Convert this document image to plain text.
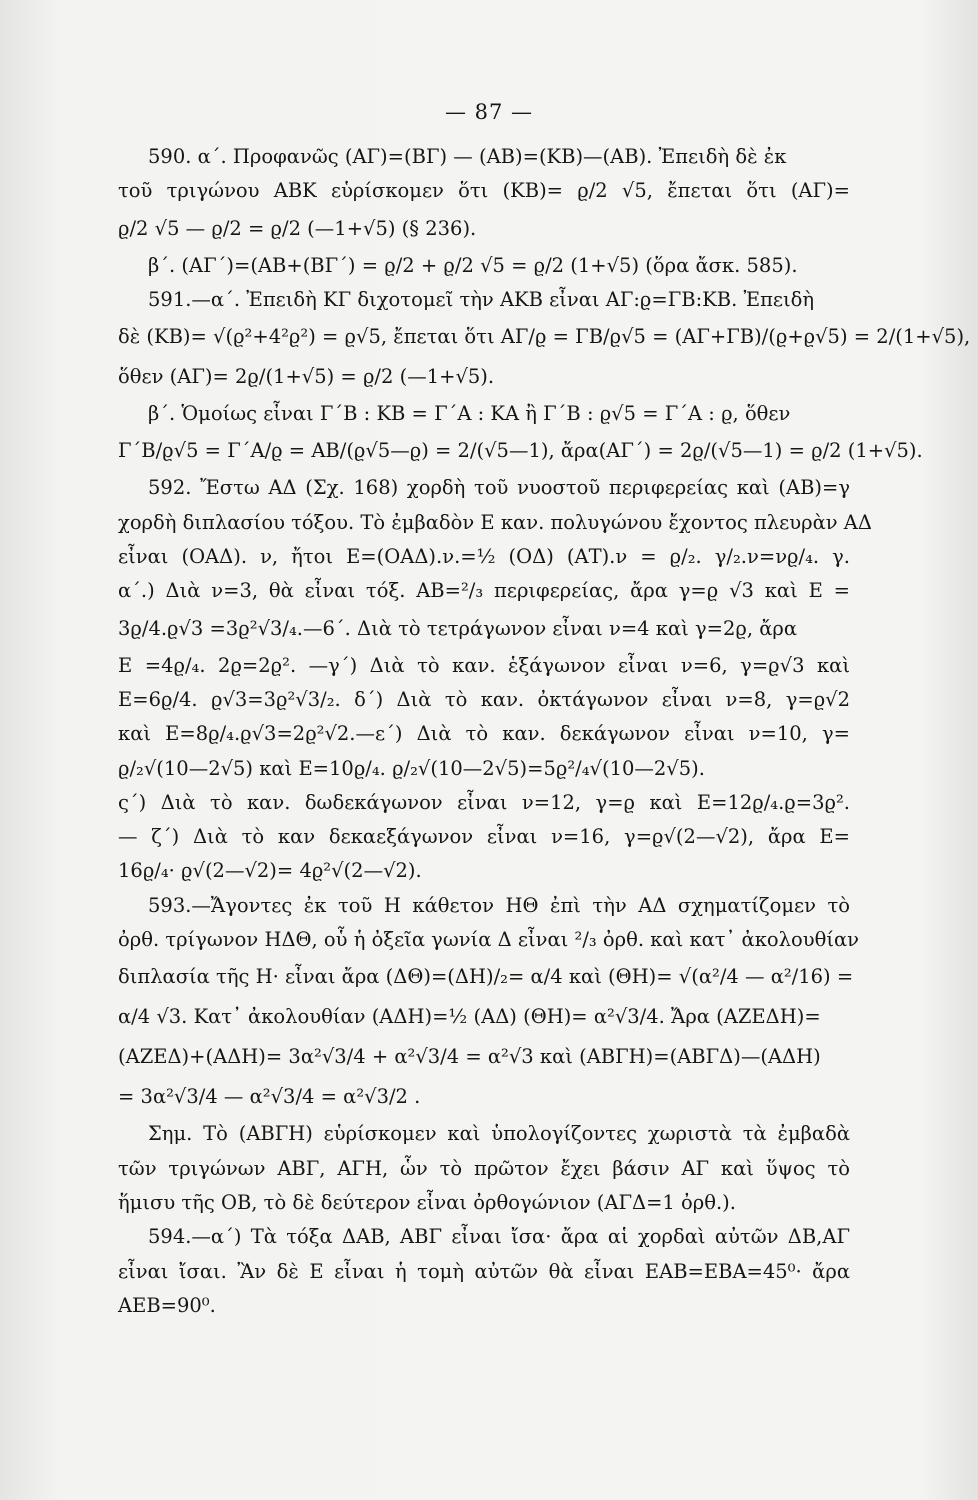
— 87 —
590. α΄. Προφανῶς (ΑΓ)=(ΒΓ) — (ΑΒ)=(ΚΒ)—(ΑΒ). Ἐπειδὴ δὲ ἐκ
τοῦ τριγώνου ΑΒΚ εὑρίσκομεν ὅτι (ΚΒ)= ϱ/2 √5, ἔπεται ὅτι (ΑΓ)=
ϱ/2 √5 — ϱ/2 = ϱ/2 (—1+√5) (§ 236).
β΄. (ΑΓ΄)=(ΑΒ+(ΒΓ΄) = ϱ/2 + ϱ/2 √5 = ϱ/2 (1+√5) (ὅρα ἄσκ. 585).
591.—α΄. Ἐπειδὴ ΚΓ διχοτομεῖ τὴν ΑΚΒ εἶναι ΑΓ:ϱ=ΓΒ:ΚΒ. Ἐπειδὴ
δὲ (ΚΒ)= √(ϱ²+4²ϱ²) = ϱ√5, ἔπεται ὅτι ΑΓ/ϱ = ΓΒ/ϱ√5 = (ΑΓ+ΓΒ)/(ϱ+ϱ√5) = 2/(1+√5),
ὅθεν (ΑΓ)= 2ϱ/(1+√5) = ϱ/2 (—1+√5).
β΄. Ὁμοίως εἶναι Γ΄Β : ΚΒ = Γ΄Α : ΚΑ ἢ Γ΄Β : ϱ√5 = Γ΄Α : ϱ, ὅθεν
Γ΄Β/ϱ√5 = Γ΄Α/ϱ = ΑΒ/(ϱ√5—ϱ) = 2/(√5—1), ἄρα(ΑΓ΄) = 2ϱ/(√5—1) = ϱ/2 (1+√5).
592. Ἔστω ΑΔ (Σχ. 168) χορδὴ τοῦ νυοστοῦ περιφερείας καὶ (ΑΒ)=γ
χορδὴ διπλασίου τόξου. Τὸ ἐμβαδὸν Ε καν. πολυγώνου ἔχοντος πλευρὰν ΑΔ
εἶναι (ΟΑΔ). ν, ἤτοι Ε=(ΟΑΔ).ν.=½ (ΟΔ) (ΑΤ).ν = ϱ/₂. γ/₂.ν=νϱ/₄. γ.
α΄.) Διὰ ν=3, θὰ εἶναι τόξ. ΑΒ=²/₃ περιφερείας, ἄρα γ=ϱ √3 καὶ Ε =
3ϱ/4.ϱ√3 =3ϱ²√3/₄.—6΄. Διὰ τὸ τετράγωνον εἶναι ν=4 καὶ γ=2ϱ, ἄρα
Ε =4ϱ/₄. 2ϱ=2ϱ². —γ΄) Διὰ τὸ καν. ἑξάγωνον εἶναι ν=6, γ=ϱ√3 καὶ
Ε=6ϱ/4. ϱ√3=3ϱ²√3/₂. δ΄) Διὰ τὸ καν. ὀκτάγωνον εἶναι ν=8, γ=ϱ√2
καὶ Ε=8ϱ/₄.ϱ√3=2ϱ²√2.—ε΄) Διὰ τὸ καν. δεκάγωνον εἶναι ν=10, γ=
ϱ/₂√(10—2√5) καὶ Ε=10ϱ/₄. ϱ/₂√(10—2√5)=5ϱ²/₄√(10—2√5).
ς΄) Διὰ τὸ καν. δωδεκάγωνον εἶναι ν=12, γ=ϱ καὶ Ε=12ϱ/₄.ϱ=3ϱ².
— ζ΄) Διὰ τὸ καν δεκαεξάγωνον εἶναι ν=16, γ=ϱ√(2—√2), ἄρα Ε=
16ϱ/₄· ϱ√(2—√2)= 4ϱ²√(2—√2).
593.—Ἄγοντες ἐκ τοῦ Η κάθετον ΗΘ ἐπὶ τὴν ΑΔ σχηματίζομεν τὸ
ὀρθ. τρίγωνον ΗΔΘ, οὗ ἡ ὀξεῖα γωνία Δ εἶναι ²/₃ ὀρθ. καὶ κατ᾽ ἀκολουθίαν
διπλασία τῆς Η· εἶναι ἄρα (ΔΘ)=(ΔΗ)/₂= α/4 καὶ (ΘΗ)= √(α²/4 — α²/16) =
α/4 √3. Κατ᾽ ἀκολουθίαν (ΑΔΗ)=½ (ΑΔ) (ΘΗ)= α²√3/4. Ἄρα (ΑΖΕΔΗ)=
(ΑΖΕΔ)+(ΑΔΗ)= 3α²√3/4 + α²√3/4 = α²√3 καὶ (ΑΒΓΗ)=(ΑΒΓΔ)—(ΑΔΗ)
= 3α²√3/4 — α²√3/4 = α²√3/2 .
Σημ. Τὸ (ΑΒΓΗ) εὑρίσκομεν καὶ ὑπολογίζοντες χωριστὰ τὰ ἐμβαδὰ
τῶν τριγώνων ΑΒΓ, ΑΓΗ, ὧν τὸ πρῶτον ἔχει βάσιν ΑΓ καὶ ὕψος τὸ
ἥμισυ τῆς ΟΒ, τὸ δὲ δεύτερον εἶναι ὀρθογώνιον (ΑΓΔ=1 ὀρθ.).
594.—α΄) Τὰ τόξα ΔΑΒ, ΑΒΓ εἶναι ἴσα· ἄρα αἱ χορδαὶ αὐτῶν ΔΒ,ΑΓ
εἶναι ἴσαι. Ἂν δὲ Ε εἶναι ἡ τομὴ αὐτῶν θὰ εἶναι ΕΑΒ=ΕΒΑ=45⁰· ἄρα
ΑΕΒ=90⁰.
